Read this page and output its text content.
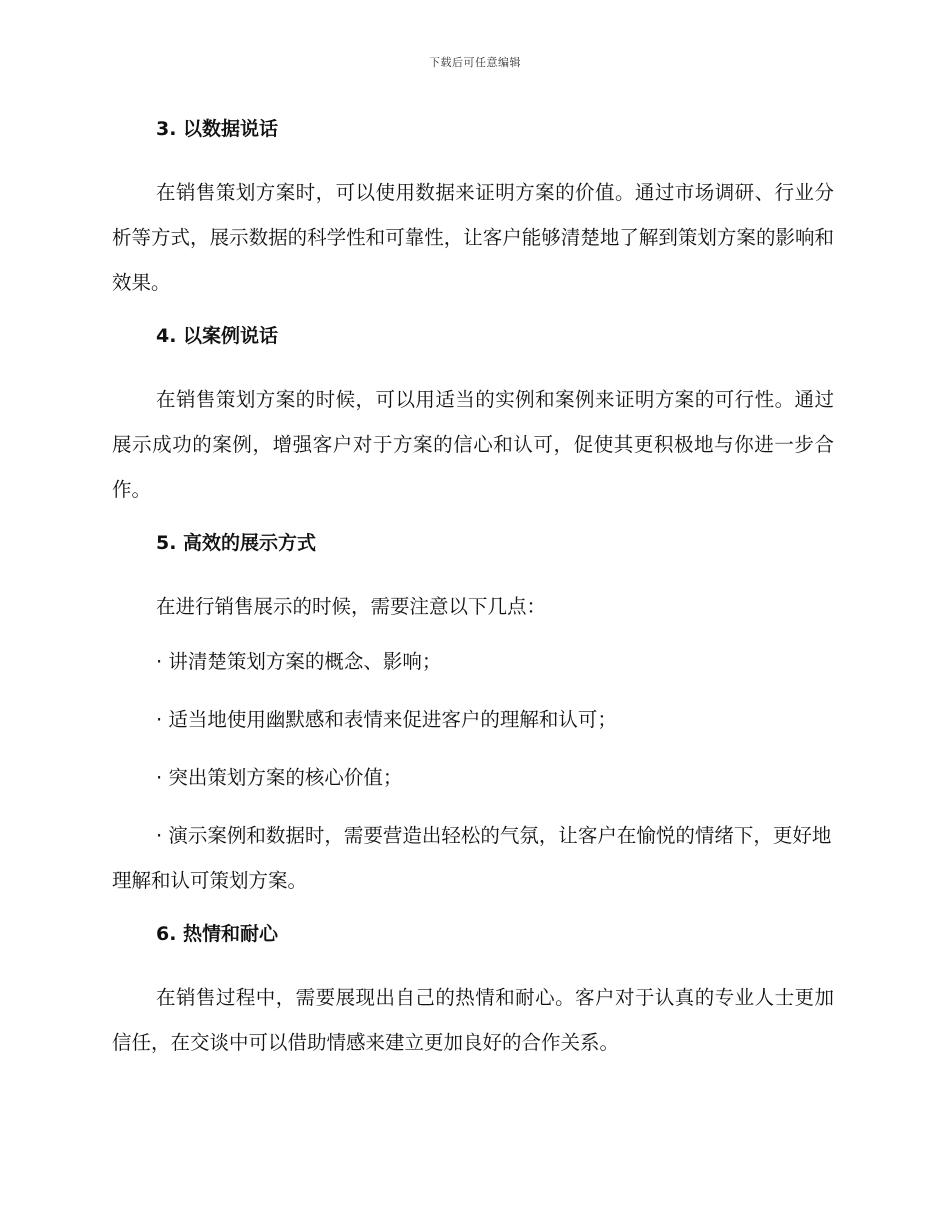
下载后可任意编辑
3. 以数据说话

在销售策划方案时，可以使用数据来证明方案的价值。通过市场调研、行业分析等方式，展示数据的科学性和可靠性，让客户能够清楚地了解到策划方案的影响和效果。

4. 以案例说话

在销售策划方案的时候，可以用适当的实例和案例来证明方案的可行性。通过展示成功的案例，增强客户对于方案的信心和认可，促使其更积极地与你进一步合作。

5. 高效的展示方式

在进行销售展示的时候，需要注意以下几点：

· 讲清楚策划方案的概念、影响；

· 适当地使用幽默感和表情来促进客户的理解和认可；

· 突出策划方案的核心价值；

· 演示案例和数据时，需要营造出轻松的气氛，让客户在愉悦的情绪下，更好地理解和认可策划方案。

6. 热情和耐心

在销售过程中，需要展现出自己的热情和耐心。客户对于认真的专业人士更加信任，在交谈中可以借助情感来建立更加良好的合作关系。
